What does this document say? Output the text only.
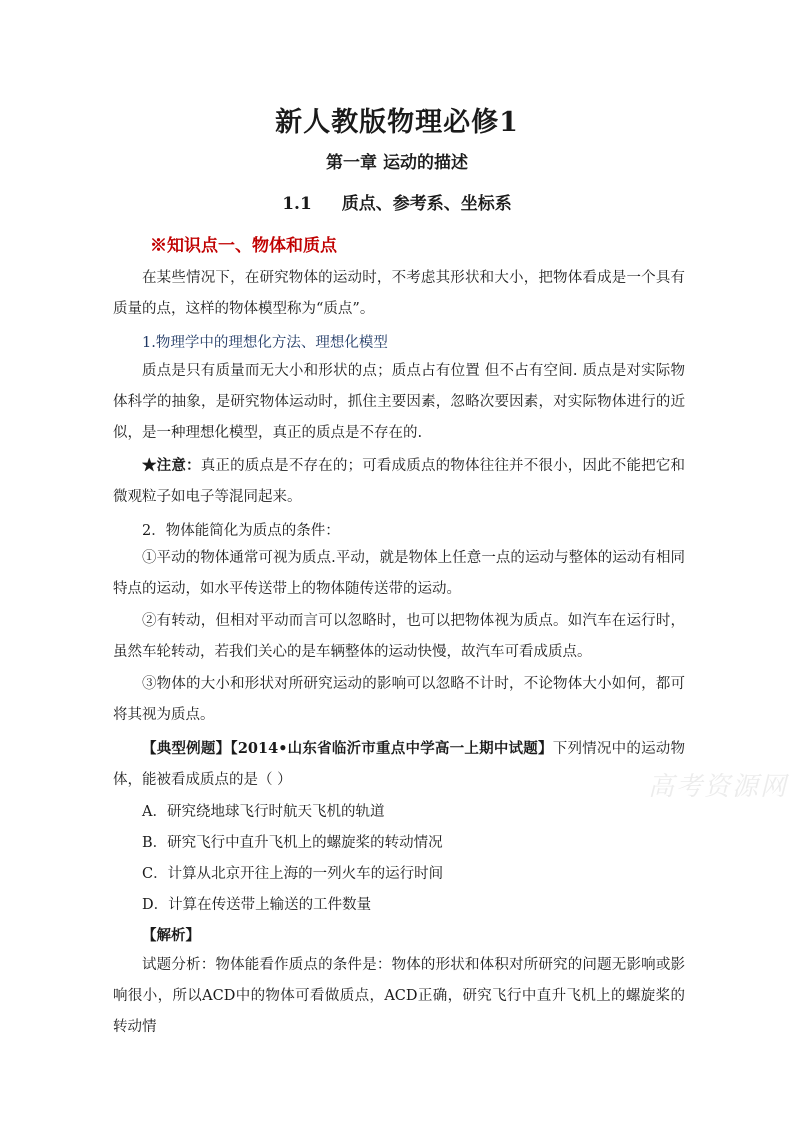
新人教版物理必修1
第一章 运动的描述
1.1 质点、参考系、坐标系
※知识点一、物体和质点
在某些情况下，在研究物体的运动时，不考虑其形状和大小，把物体看成是一个具有质量的点，这样的物体模型称为“质点”。
1.物理学中的理想化方法、理想化模型
质点是只有质量而无大小和形状的点；质点占有位置 但不占有空间. 质点是对实际物体科学的抽象，是研究物体运动时，抓住主要因素，忽略次要因素，对实际物体进行的近似，是一种理想化模型，真正的质点是不存在的.
★注意：真正的质点是不存在的；可看成质点的物体往往并不很小，因此不能把它和微观粒子如电子等混同起来。
2．物体能简化为质点的条件：
①平动的物体通常可视为质点.平动，就是物体上任意一点的运动与整体的运动有相同特点的运动，如水平传送带上的物体随传送带的运动。
②有转动，但相对平动而言可以忽略时，也可以把物体视为质点。如汽车在运行时，虽然车轮转动，若我们关心的是车辆整体的运动快慢，故汽车可看成质点。
③物体的大小和形状对所研究运动的影响可以忽略不计时，不论物体大小如何，都可将其视为质点。
【典型例题】【2014•山东省临沂市重点中学高一上期中试题】下列情况中的运动物体，能被看成质点的是（ ）
A．研究绕地球飞行时航天飞机的轨道
B．研究飞行中直升飞机上的螺旋桨的转动情况
C．计算从北京开往上海的一列火车的运行时间
D．计算在传送带上输送的工件数量
【解析】
试题分析：物体能看作质点的条件是：物体的形状和体积对所研究的问题无影响或影响很小，所以ACD中的物体可看做质点，ACD正确，研究飞行中直升飞机上的螺旋桨的转动情
高考资源网
